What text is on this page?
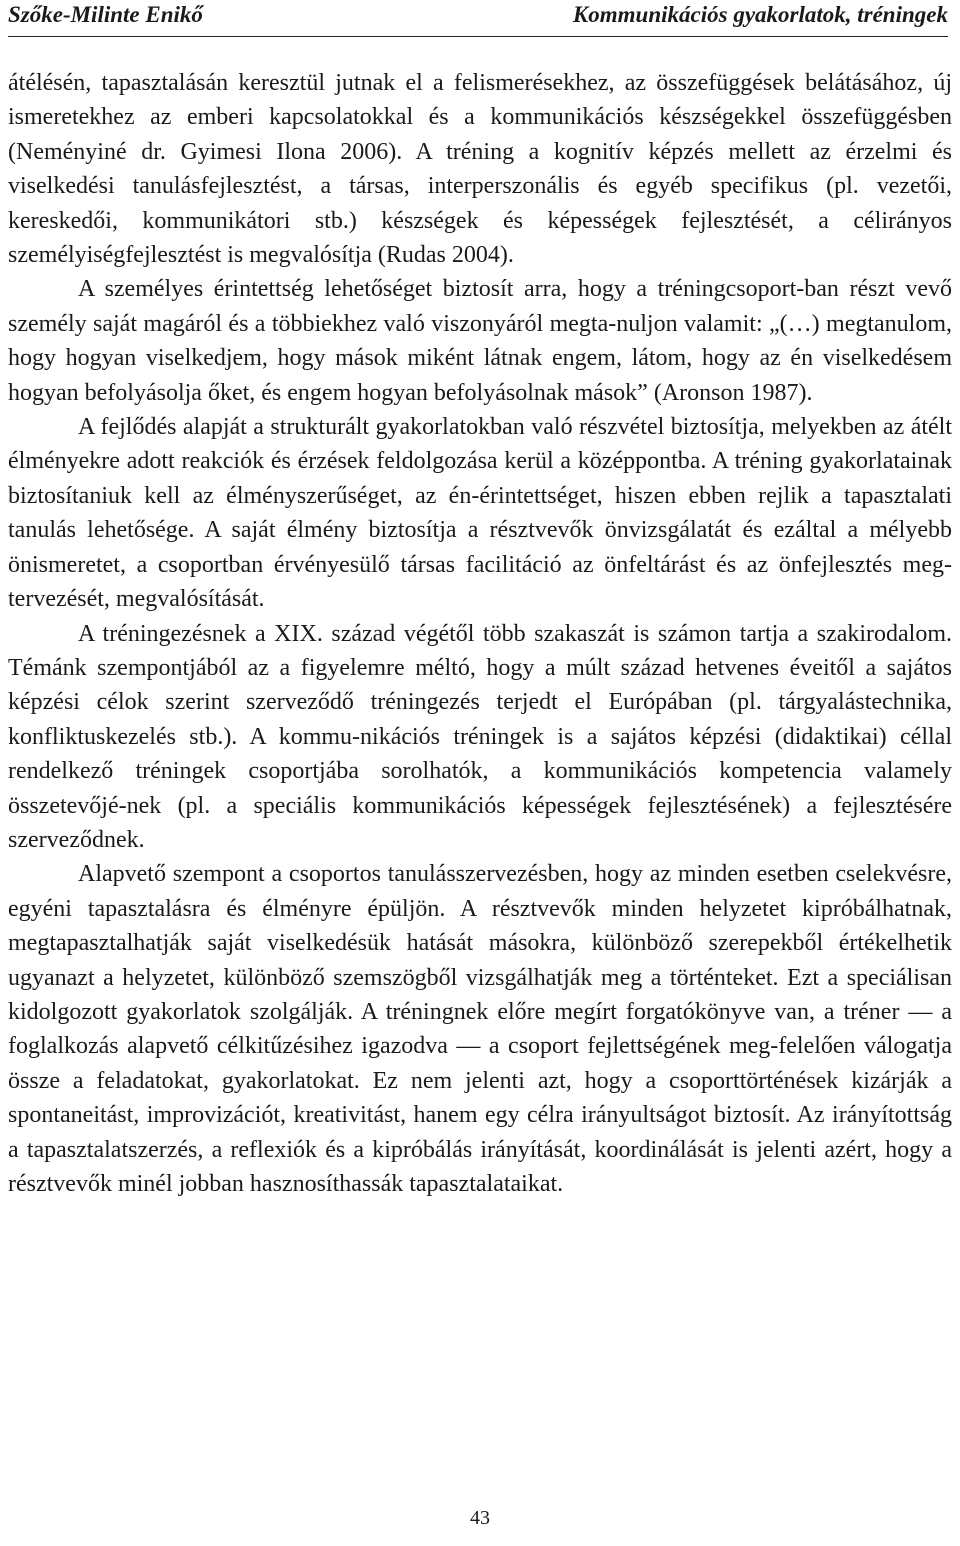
Szőke-Milinte Enikő	Kommunikációs gyakorlatok, tréningek

átélésén, tapasztalásán keresztül jutnak el a felismerésekhez, az összefüggések belátásához, új ismeretekhez az emberi kapcsolatokkal és a kommunikációs készségekkel összefüggésben (Neményiné dr. Gyimesi Ilona 2006). A tréning a kognitív képzés mellett az érzelmi és viselkedési tanulásfejlesztést, a társas, interperszonális és egyéb specifikus (pl. vezetői, kereskedői, kommunikátori stb.) készségek és képességek fejlesztését, a célirányos személyiségfejlesztést is megvalósítja (Rudas 2004).

A személyes érintettség lehetőséget biztosít arra, hogy a tréningcsoport-ban részt vevő személy saját magáról és a többiekhez való viszonyáról megta-nuljon valamit: „(…) megtanulom, hogy hogyan viselkedjem, hogy mások miként látnak engem, látom, hogy az én viselkedésem hogyan befolyásolja őket, és engem hogyan befolyásolnak mások” (Aronson 1987).

A fejlődés alapját a strukturált gyakorlatokban való részvétel biztosítja, melyekben az átélt élményekre adott reakciók és érzések feldolgozása kerül a középpontba. A tréning gyakorlatainak biztosítaniuk kell az élményszerűséget, az én-érintettséget, hiszen ebben rejlik a tapasztalati tanulás lehetősége. A saját élmény biztosítja a résztvevők önvizsgálatát és ezáltal a mélyebb önismeretet, a csoportban érvényesülő társas facilitáció az önfeltárást és az önfejlesztés meg-tervezését, megvalósítását.

A tréningezésnek a XIX. század végétől több szakaszát is számon tartja a szakirodalom. Témánk szempontjából az a figyelemre méltó, hogy a múlt század hetvenes éveitől a sajátos képzési célok szerint szerveződő tréningezés terjedt el Európában (pl. tárgyalástechnika, konfliktuskezelés stb.). A kommu-nikációs tréningek is a sajátos képzési (didaktikai) céllal rendelkező tréningek csoportjába sorolhatók, a kommunikációs kompetencia valamely összetevőjé-nek (pl. a speciális kommunikációs képességek fejlesztésének) a fejlesztésére szerveződnek.

Alapvető szempont a csoportos tanulásszervezésben, hogy az minden esetben cselekvésre, egyéni tapasztalásra és élményre épüljön. A résztvevők minden helyzetet kipróbálhatnak, megtapasztalhatják saját viselkedésük hatását másokra, különböző szerepekből értékelhetik ugyanazt a helyzetet, különböző szemszögből vizsgálhatják meg a történteket. Ezt a speciálisan kidolgozott gyakorlatok szolgálják. A tréningnek előre megírt forgatókönyve van, a tréner — a foglalkozás alapvető célkitűzésihez igazodva — a csoport fejlettségének meg-felelően válogatja össze a feladatokat, gyakorlatokat. Ez nem jelenti azt, hogy a csoporttörténések kizárják a spontaneitást, improvizációt, kreativitást, hanem egy célra irányultságot biztosít. Az irányítottság a tapasztalatszerzés, a reflexiók és a kipróbálás irányítását, koordinálását is jelenti azért, hogy a résztvevők minél jobban hasznosíthassák tapasztalataikat.

43
